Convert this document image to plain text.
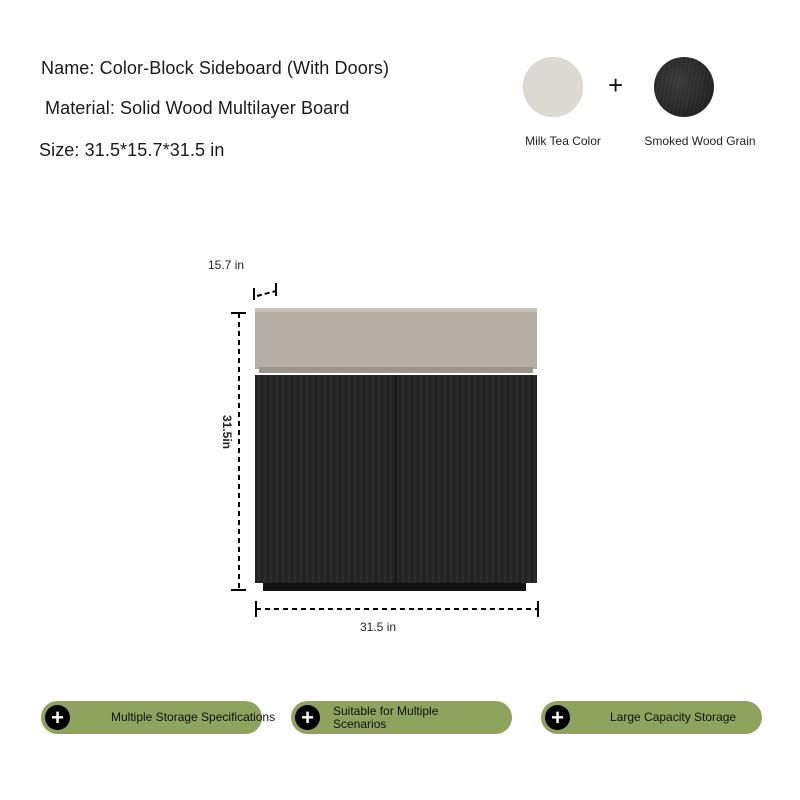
Name: Color-Block Sideboard (With Doors)
Material: Solid Wood Multilayer Board
Size: 31.5*15.7*31.5 in
+
Milk Tea Color	Smoked Wood Grain
15.7 in
31.5in
31.5 in
+	Multiple Storage Specifications +	Suitable for Multiple Scenarios	+	Large Capacity Storage
